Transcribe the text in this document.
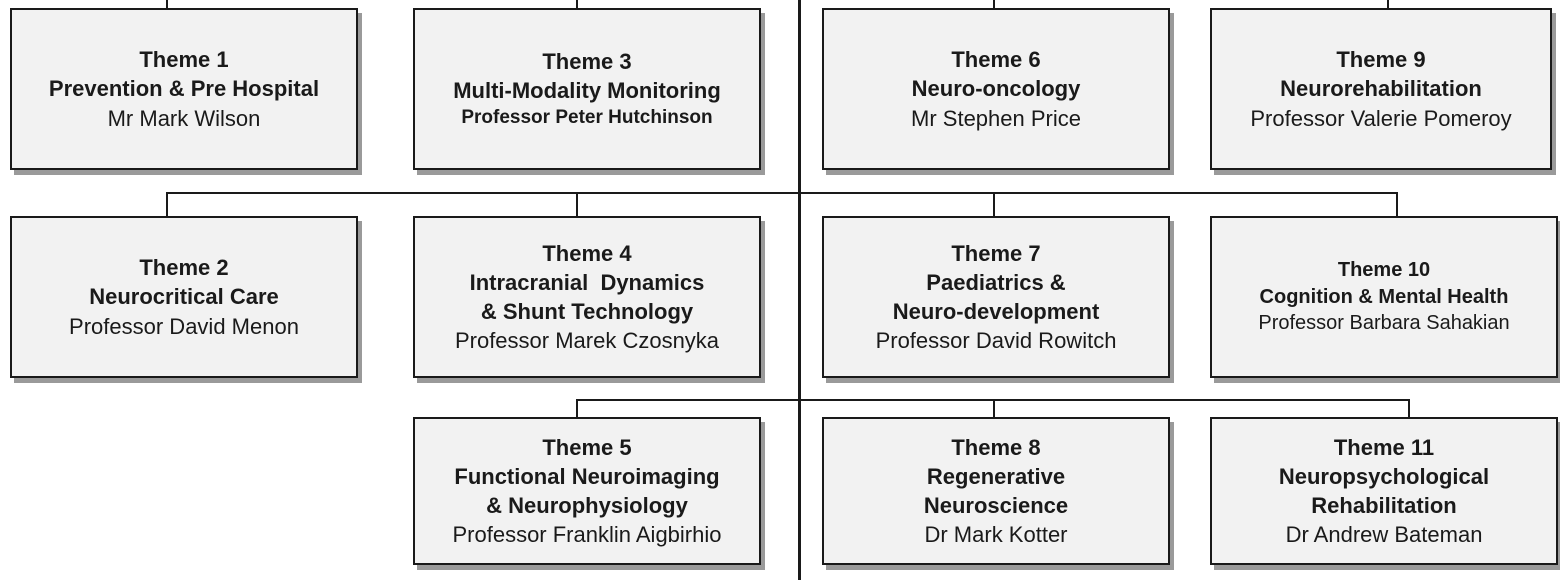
Theme 1
Prevention & Pre Hospital
Mr Mark Wilson
Theme 3
Multi-Modality Monitoring
Professor Peter Hutchinson
Theme 6
Neuro-oncology
Mr Stephen Price
Theme 9
Neurorehabilitation
Professor Valerie Pomeroy
Theme 2
Neurocritical Care
Professor David Menon
Theme 4
Intracranial  Dynamics
& Shunt Technology
Professor Marek Czosnyka
Theme 7
Paediatrics &
Neuro-development
Professor David Rowitch
Theme 10
Cognition & Mental Health
Professor Barbara Sahakian
Theme 5
Functional Neuroimaging
& Neurophysiology
Professor Franklin Aigbirhio
Theme 8
Regenerative
Neuroscience
Dr Mark Kotter
Theme 11
Neuropsychological
Rehabilitation
Dr Andrew Bateman
